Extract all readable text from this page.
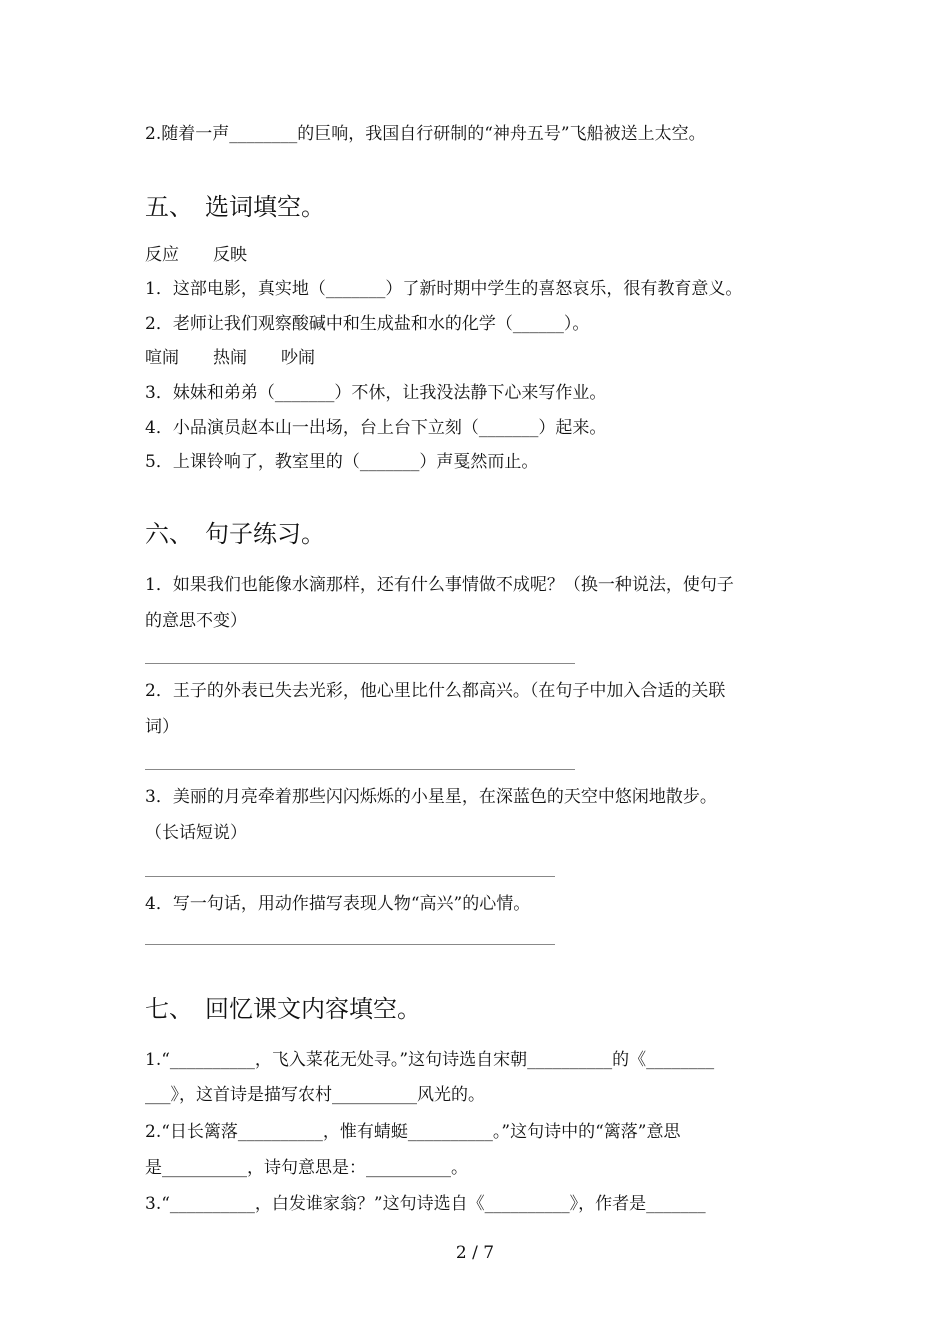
2.随着一声________的巨响，我国自行研制的“神舟五号”飞船被送上太空。
五、　选词填空。
反应　　反映
1．这部电影，真实地（_______）了新时期中学生的喜怒哀乐，很有教育意义。
2．老师让我们观察酸碱中和生成盐和水的化学（______）。
喧闹　　热闹　　吵闹
3．妹妹和弟弟（_______）不休，让我没法静下心来写作业。
4．小品演员赵本山一出场，台上台下立刻（_______）起来。
5．上课铃响了，教室里的（_______）声戛然而止。
六、　句子练习。
1．如果我们也能像水滴那样，还有什么事情做不成呢？（换一种说法，使句子
的意思不变）
2．王子的外表已失去光彩，他心里比什么都高兴。（在句子中加入合适的关联
词）
3．美丽的月亮牵着那些闪闪烁烁的小星星，在深蓝色的天空中悠闲地散步。
（长话短说）
4．写一句话，用动作描写表现人物“高兴”的心情。
七、　回忆课文内容填空。
1.“__________，飞入菜花无处寻。”这句诗选自宋朝__________的《________
___》，这首诗是描写农村__________风光的。
2.“日长篱落__________，惟有蜻蜓__________。”这句诗中的“篱落”意思
是__________，诗句意思是：__________。
3.“__________，白发谁家翁？”这句诗选自《__________》，作者是_______
2 / 7
